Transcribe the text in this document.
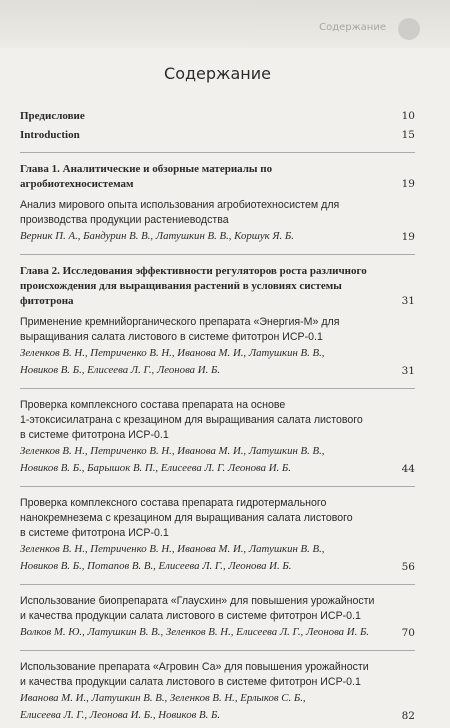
Содержание
Содержание
Предисловие	10
Introduction	15
Глава 1. Аналитические и обзорные материалы по агробиотехносистемам	19
Анализ мирового опыта использования агробиотехносистем для
производства продукции растениеводства
Верник П. А., Бандурин В. В., Латушкин В. В., Коршук Я. Б.	19
Глава 2. Исследования эффективности регуляторов роста различного
происхождения для выращивания растений в условиях системы фитотрона	31
Применение кремнийорганического препарата «Энергия-М» для
выращивания салата листового в системе фитотрон ИСР-0.1
Зеленков В. Н., Петриченко В. Н., Иванова М. И., Латушкин В. В.,
Новиков В. Б., Елисеева Л. Г., Леонова И. Б.	31
Проверка комплексного состава препарата на основе
1-этоксисилатрана с крезацином для выращивания салата листового
в системе фитотрона ИСР-0.1
Зеленков В. Н., Петриченко В. Н., Иванова М. И., Латушкин В. В.,
Новиков В. Б., Барышок В. П., Елисеева Л. Г. Леонова И. Б.	44
Проверка комплексного состава препарата гидротермального
нанокремнезема с крезацином для выращивания салата листового
в системе фитотрона ИСР-0.1
Зеленков В. Н., Петриченко В. Н., Иванова М. И., Латушкин В. В.,
Новиков В. Б., Потапов В. В., Елисеева Л. Г., Леонова И. Б.	56
Использование биопрепарата «Глаусхин» для повышения урожайности
и качества продукции салата листового в системе фитотрон ИСР-0.1
Волков М. Ю., Латушкин В. В., Зеленков В. Н., Елисеева Л. Г., Леонова И. Б.	70
Использование препарата «Агровин Са» для повышения урожайности
и качества продукции салата листового в системе фитотрон ИСР-0.1
Иванова М. И., Латушкин В. В., Зеленков В. Н., Ерлыков С. Б.,
Елисеева Л. Г., Леонова И. Б., Новиков В. Б.	82
